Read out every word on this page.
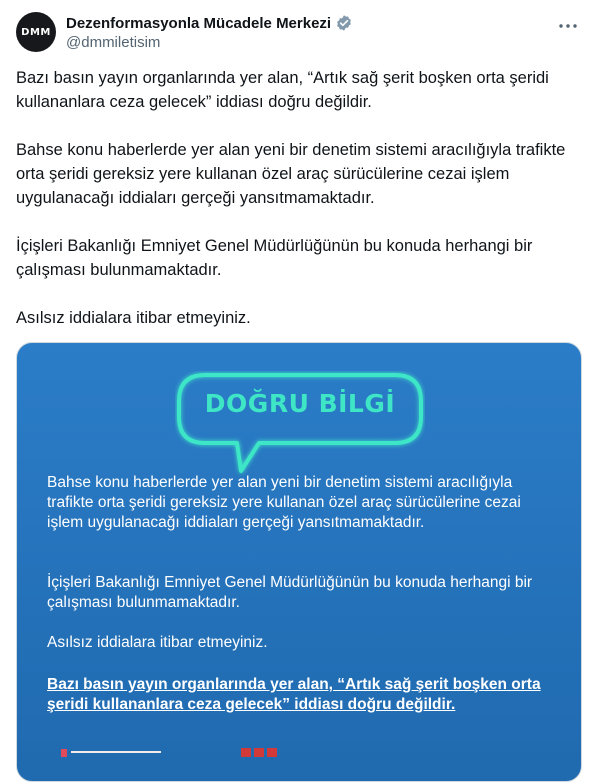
DMM
Dezenformasyonla Mücadele Merkezi
@dmmiletisim

Bazı basın yayın organlarında yer alan, “Artık sağ şerit boşken orta şeridi kullananlara ceza gelecek” iddiası doğru değildir.

Bahse konu haberlerde yer alan yeni bir denetim sistemi aracılığıyla trafikte orta şeridi gereksiz yere kullanan özel araç sürücülerine cezai işlem uygulanacağı iddiaları gerçeği yansıtmamaktadır.

İçişleri Bakanlığı Emniyet Genel Müdürlüğünün bu konuda herhangi bir çalışması bulunmamaktadır.

Asılsız iddialara itibar etmeyiniz.

DOĞRU BİLGİ
Bahse konu haberlerde yer alan yeni bir denetim sistemi aracılığıyla trafikte orta şeridi gereksiz yere kullanan özel araç sürücülerine cezai işlem uygulanacağı iddiaları gerçeği yansıtmamaktadır.
İçişleri Bakanlığı Emniyet Genel Müdürlüğünün bu konuda herhangi bir çalışması bulunmamaktadır.
Asılsız iddialara itibar etmeyiniz.
Bazı basın yayın organlarında yer alan, “Artık sağ şerit boşken orta şeridi kullananlara ceza gelecek” iddiası doğru değildir.
